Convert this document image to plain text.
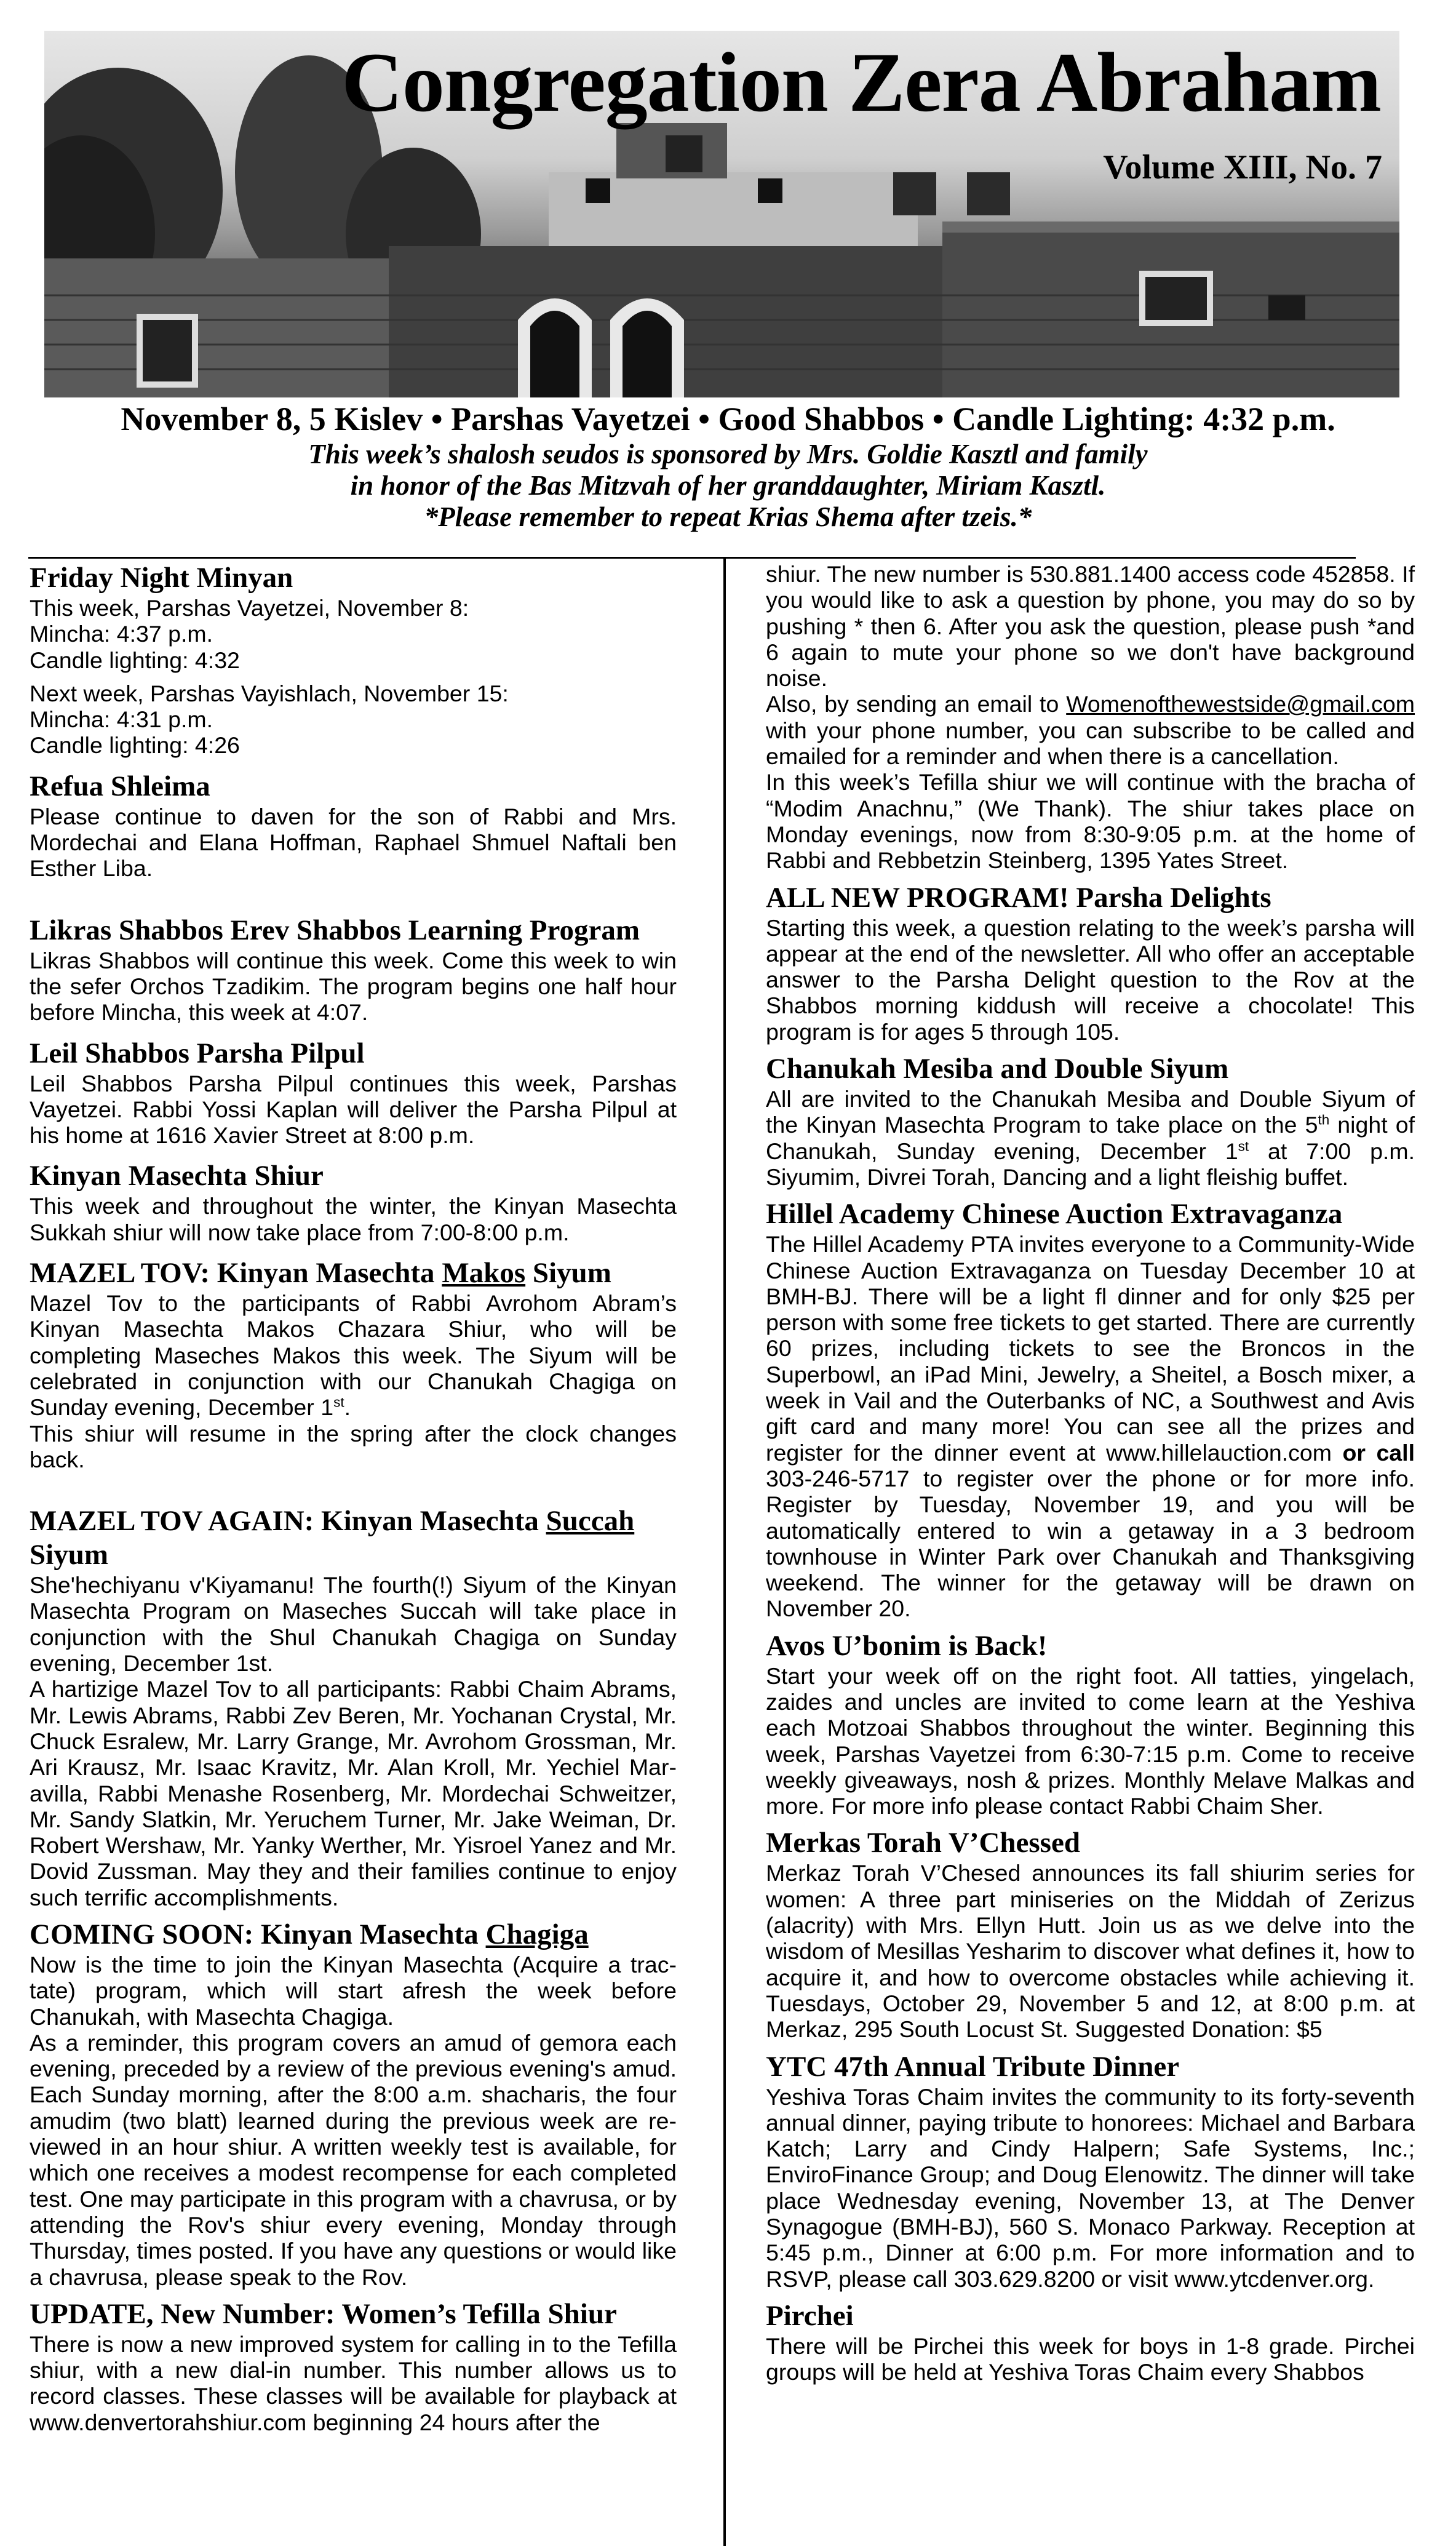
Congregation Zera Abraham
Volume XIII, No. 7
November 8, 5 Kislev • Parshas Vayetzei • Good Shabbos • Candle Lighting: 4:32 p.m.
This week’s shalosh seudos is sponsored by Mrs. Goldie Kasztl and family
in honor of the Bas Mitzvah of her granddaughter, Miriam Kasztl.
*Please remember to repeat Krias Shema after tzeis.*
Friday Night Minyan

This week, Parshas Vayetzei, November 8:

Mincha: 4:37 p.m.

Candle lighting: 4:32

Next week, Parshas Vayishlach, November 15:

Mincha: 4:31 p.m.

Candle lighting: 4:26

Refua Shleima

Please continue to daven for the son of Rabbi and Mrs. Mordechai and Elana Hoffman, Raphael Shmuel Naftali ben Esther Liba.

Likras Shabbos Erev Shabbos Learning Program

Likras Shabbos will continue this week. Come this week to win the sefer Orchos Tzadikim. The program begins one half hour before Mincha, this week at 4:07.

Leil Shabbos Parsha Pilpul

Leil Shabbos Parsha Pilpul continues this week, Parshas Vayetzei. Rabbi Yossi Kaplan will deliver the Parsha Pilpul at his home at 1616 Xavier Street at 8:00 p.m.

Kinyan Masechta Shiur

This week and throughout the winter, the Kinyan Masechta Sukkah shiur will now take place from 7:00-8:00 p.m.

MAZEL TOV: Kinyan Masechta Makos Siyum

Mazel Tov to the participants of Rabbi Avrohom Abram’s Kinyan Masechta Makos Chazara Shiur, who will be completing Maseches Makos this week. The Siyum will be celebrated in conjunction with our Chanukah Chagiga on Sunday evening, December 1st.

This shiur will resume in the spring after the clock changes back.

MAZEL TOV AGAIN: Kinyan Masechta Succah Siyum

She'hechiyanu v'Kiyamanu! The fourth(!) Siyum of the Kinyan Masechta Program on Maseches Succah will take place in conjunction with the Shul Chanukah Chagiga on Sunday evening, December 1st.

A hartizige Mazel Tov to all participants: Rabbi Chaim Abrams, Mr. Lewis Abrams, Rabbi Zev Beren, Mr. Yochanan Crystal, Mr. Chuck Esralew, Mr. Larry Grange, Mr. Avrohom Grossman, Mr. Ari Krausz, Mr. Isaac Kravitz, Mr. Alan Kroll, Mr. Yechiel Mar-avilla, Rabbi Menashe Rosenberg, Mr. Mordechai Schweitzer, Mr. Sandy Slatkin, Mr. Yeruchem Turner, Mr. Jake Weiman, Dr. Robert Wershaw, Mr. Yanky Werther, Mr. Yisroel Yanez and Mr. Dovid Zussman. May they and their families continue to enjoy such terrific accomplishments.

COMING SOON: Kinyan Masechta Chagiga

Now is the time to join the Kinyan Masechta (Acquire a trac-tate) program, which will start afresh the week before Chanukah, with Masechta Chagiga.

As a reminder, this program covers an amud of gemora each evening, preceded by a review of the previous evening's amud. Each Sunday morning, after the 8:00 a.m. shacharis, the four amudim (two blatt) learned during the previous week are re-viewed in an hour shiur. A written weekly test is available, for which one receives a modest recompense for each completed test. One may participate in this program with a chavrusa, or by attending the Rov's shiur every evening, Monday through Thursday, times posted. If you have any questions or would like a chavrusa, please speak to the Rov.

UPDATE, New Number: Women’s Tefilla Shiur

There is now a new improved system for calling in to the Tefilla shiur, with a new dial-in number. This number allows us to record classes. These classes will be available for playback at www.denvertorahshiur.com beginning 24 hours after the

shiur. The new number is 530.881.1400 access code 452858. If you would like to ask a question by phone, you may do so by pushing * then 6. After you ask the question, please push *and 6 again to mute your phone so we don't have background noise.

Also, by sending an email to Womenofthewestside@gmail.com with your phone number, you can subscribe to be called and emailed for a reminder and when there is a cancellation.

In this week’s Tefilla shiur we will continue with the bracha of “Modim Anachnu,” (We Thank). The shiur takes place on Monday evenings, now from 8:30-9:05 p.m. at the home of Rabbi and Rebbetzin Steinberg, 1395 Yates Street.

ALL NEW PROGRAM! Parsha Delights

Starting this week, a question relating to the week’s parsha will appear at the end of the newsletter. All who offer an acceptable answer to the Parsha Delight question to the Rov at the Shabbos morning kiddush will receive a chocolate! This program is for ages 5 through 105.

Chanukah Mesiba and Double Siyum

All are invited to the Chanukah Mesiba and Double Siyum of the Kinyan Masechta Program to take place on the 5th night of Chanukah, Sunday evening, December 1st at 7:00 p.m. Siyumim, Divrei Torah, Dancing and a light fleishig buffet.

Hillel Academy Chinese Auction Extravaganza

The Hillel Academy PTA invites everyone to a Community-Wide Chinese Auction Extravaganza on Tuesday December 10 at BMH-BJ. There will be a light fl dinner and for only $25 per person with some free tickets to get started. There are currently 60 prizes, including tickets to see the Broncos in the Superbowl, an iPad Mini, Jewelry, a Sheitel, a Bosch mixer, a week in Vail and the Outerbanks of NC, a Southwest and Avis gift card and many more! You can see all the prizes and register for the dinner event at www.hillelauction.com or call 303-246-5717 to register over the phone or for more info. Register by Tuesday, November 19, and you will be automatically entered to win a getaway in a 3 bedroom townhouse in Winter Park over Chanukah and Thanksgiving weekend. The winner for the getaway will be drawn on November 20.

Avos U’bonim is Back!

Start your week off on the right foot. All tatties, yingelach, zaides and uncles are invited to come learn at the Yeshiva each Motzoai Shabbos throughout the winter. Beginning this week, Parshas Vayetzei from 6:30-7:15 p.m. Come to receive weekly giveaways, nosh & prizes. Monthly Melave Malkas and more. For more info please contact Rabbi Chaim Sher.

Merkas Torah V’Chessed

Merkaz Torah V’Chesed announces its fall shiurim series for women: A three part miniseries on the Middah of Zerizus (alacrity) with Mrs. Ellyn Hutt. Join us as we delve into the wisdom of Mesillas Yesharim to discover what defines it, how to acquire it, and how to overcome obstacles while achieving it. Tuesdays, October 29, November 5 and 12, at 8:00 p.m. at Merkaz, 295 South Locust St. Suggested Donation: $5

YTC 47th Annual Tribute Dinner

Yeshiva Toras Chaim invites the community to its forty-seventh annual dinner, paying tribute to honorees: Michael and Barbara Katch; Larry and Cindy Halpern; Safe Systems, Inc.; EnviroFinance Group; and Doug Elenowitz. The dinner will take place Wednesday evening, November 13, at The Denver Synagogue (BMH-BJ), 560 S. Monaco Parkway. Reception at 5:45 p.m., Dinner at 6:00 p.m. For more information and to RSVP, please call 303.629.8200 or visit www.ytcdenver.org.

Pirchei

There will be Pirchei this week for boys in 1-8 grade. Pirchei groups will be held at Yeshiva Toras Chaim every Shabbos
